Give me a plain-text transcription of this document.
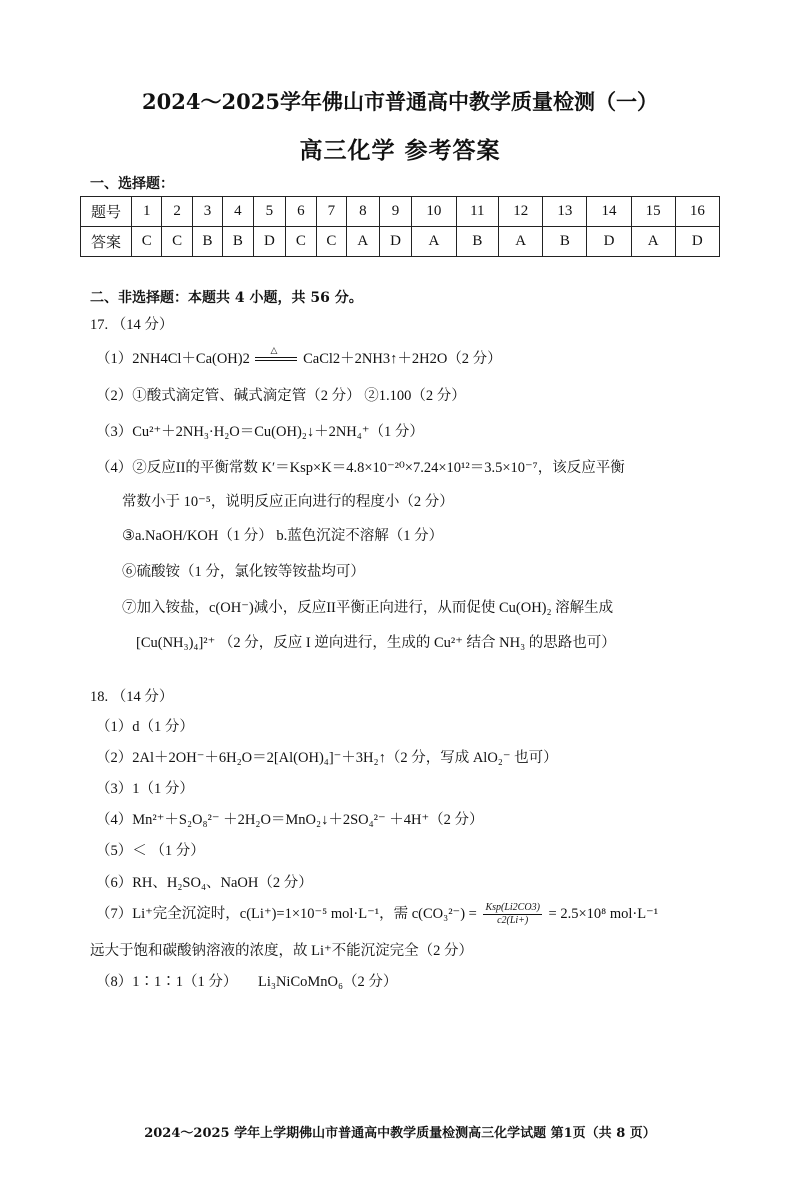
2024～2025学年佛山市普通高中教学质量检测（一）
高三化学 参考答案
一、选择题：
题号	1	2	3	4	5	6	7	8	9	10	11	12	13	14	15	16
答案	C	C	B	B	D	C	C	A	D	A	B	A	B	D	A	D
二、非选择题：本题共 4 小题，共 56 分。
17. （14 分）
（1）2NH4Cl＋Ca(OH)2
△
CaCl2＋2NH3↑＋2H2O（2 分）
（2）①酸式滴定管、碱式滴定管（2 分） ②1.100（2 分）
（3）Cu²⁺＋2NH₃·H₂O＝Cu(OH)₂↓＋2NH₄⁺（1 分）
（4）②反应II的平衡常数 K′＝Ksp×K＝4.8×10⁻²⁰×7.24×10¹²＝3.5×10⁻⁷，该反应平衡
常数小于 10⁻⁵，说明反应正向进行的程度小（2 分）
③a.NaOH/KOH（1 分） b.蓝色沉淀不溶解（1 分）
⑥硫酸铵（1 分，氯化铵等铵盐均可）
⑦加入铵盐，c(OH⁻)减小，反应II平衡正向进行，从而促使 Cu(OH)₂ 溶解生成
[Cu(NH₃)₄]²⁺ （2 分，反应 I 逆向进行，生成的 Cu²⁺ 结合 NH₃ 的思路也可）
18. （14 分）
（1）d（1 分）
（2）2Al＋2OH⁻＋6H₂O＝2[Al(OH)₄]⁻＋3H₂↑（2 分，写成 AlO₂⁻ 也可）
（3）1（1 分）
（4）Mn²⁺＋S₂O₈²⁻ ＋2H₂O＝MnO₂↓＋2SO₄²⁻ ＋4H⁺（2 分）
（5）＜ （1 分）
（6）RH、H₂SO₄、NaOH（2 分）
（7）Li⁺完全沉淀时，c(Li⁺)=1×10⁻⁵ mol·L⁻¹，需 $c(CO_3^{2-}) = \frac{\text{Ksp(Li2CO3)}}{c2(Li+)} = 2.5\times 10^8$ mol·L⁻¹
远大于饱和碳酸钠溶液的浓度，故 Li⁺不能沉淀完全（2 分）
（8）1∶1∶1（1 分） Li₃NiCoMnO₆（2 分）
2024～2025 学年上学期佛山市普通高中教学质量检测高三化学试题 第1页（共 8 页）
